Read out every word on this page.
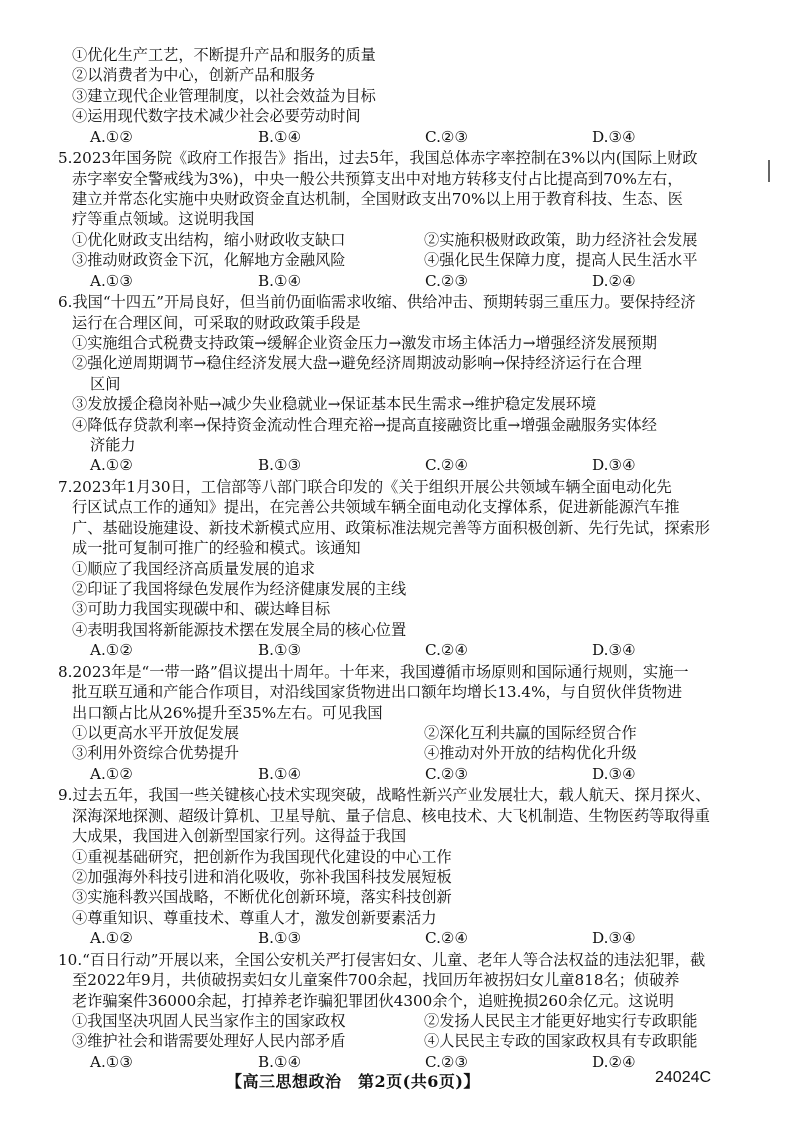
①优化生产工艺，不断提升产品和服务的质量
②以消费者为中心，创新产品和服务
③建立现代企业管理制度，以社会效益为目标
④运用现代数字技术减少社会必要劳动时间
A.①②	B.①④	C.②③	D.③④
5.2023年国务院《政府工作报告》指出，过去5年，我国总体赤字率控制在3%以内(国际上财政
赤字率安全警戒线为3%)，中央一般公共预算支出中对地方转移支付占比提高到70%左右，
建立并常态化实施中央财政资金直达机制，全国财政支出70%以上用于教育科技、生态、医
疗等重点领域。这说明我国
①优化财政支出结构，缩小财政收支缺口	②实施积极财政政策，助力经济社会发展
③推动财政资金下沉，化解地方金融风险	④强化民生保障力度，提高人民生活水平
A.①③	B.①④	C.②③	D.②④
6.我国“十四五”开局良好，但当前仍面临需求收缩、供给冲击、预期转弱三重压力。要保持经济
运行在合理区间，可采取的财政政策手段是
①实施组合式税费支持政策→缓解企业资金压力→激发市场主体活力→增强经济发展预期
②强化逆周期调节→稳住经济发展大盘→避免经济周期波动影响→保持经济运行在合理
区间
③发放援企稳岗补贴→减少失业稳就业→保证基本民生需求→维护稳定发展环境
④降低存贷款利率→保持资金流动性合理充裕→提高直接融资比重→增强金融服务实体经
济能力
A.①②	B.①③	C.②④	D.③④
7.2023年1月30日，工信部等八部门联合印发的《关于组织开展公共领域车辆全面电动化先
行区试点工作的通知》提出，在完善公共领域车辆全面电动化支撑体系，促进新能源汽车推
广、基础设施建设、新技术新模式应用、政策标准法规完善等方面积极创新、先行先试，探索形
成一批可复制可推广的经验和模式。该通知
①顺应了我国经济高质量发展的追求
②印证了我国将绿色发展作为经济健康发展的主线
③可助力我国实现碳中和、碳达峰目标
④表明我国将新能源技术摆在发展全局的核心位置
A.①②	B.①③	C.②④	D.③④
8.2023年是“一带一路”倡议提出十周年。十年来，我国遵循市场原则和国际通行规则，实施一
批互联互通和产能合作项目，对沿线国家货物进出口额年均增长13.4%，与自贸伙伴货物进
出口额占比从26%提升至35%左右。可见我国
①以更高水平开放促发展	②深化互利共赢的国际经贸合作
③利用外资综合优势提升	④推动对外开放的结构优化升级
A.①②	B.①④	C.②③	D.③④
9.过去五年，我国一些关键核心技术实现突破，战略性新兴产业发展壮大，载人航天、探月探火、
深海深地探测、超级计算机、卫星导航、量子信息、核电技术、大飞机制造、生物医药等取得重
大成果，我国进入创新型国家行列。这得益于我国
①重视基础研究，把创新作为我国现代化建设的中心工作
②加强海外科技引进和消化吸收，弥补我国科技发展短板
③实施科教兴国战略，不断优化创新环境，落实科技创新
④尊重知识、尊重技术、尊重人才，激发创新要素活力
A.①②	B.①③	C.②④	D.③④
10.“百日行动”开展以来，全国公安机关严打侵害妇女、儿童、老年人等合法权益的违法犯罪，截
至2022年9月，共侦破拐卖妇女儿童案件700余起，找回历年被拐妇女儿童818名；侦破养
老诈骗案件36000余起，打掉养老诈骗犯罪团伙4300余个，追赃挽损260余亿元。这说明
①我国坚决巩固人民当家作主的国家政权	②发扬人民民主才能更好地实行专政职能
③维护社会和谐需要处理好人民内部矛盾	④人民民主专政的国家政权具有专政职能
A.①③	B.①④	C.②③	D.②④
【高三思想政治　第2页(共6页)】	24024C
